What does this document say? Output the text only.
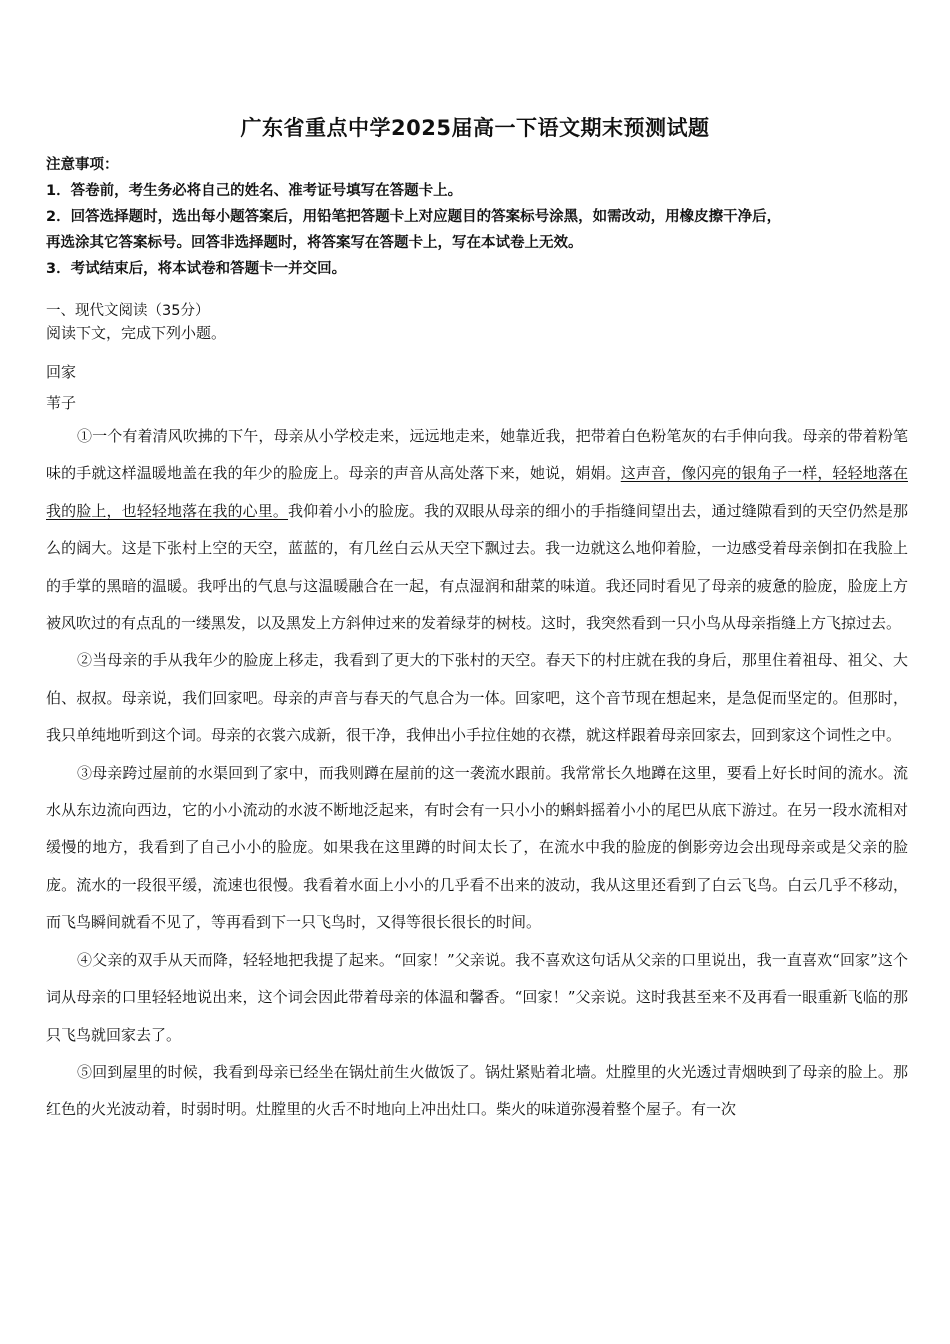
广东省重点中学2025届高一下语文期末预测试题
注意事项：
1．答卷前，考生务必将自己的姓名、准考证号填写在答题卡上。
2．回答选择题时，选出每小题答案后，用铅笔把答题卡上对应题目的答案标号涂黑，如需改动，用橡皮擦干净后，
再选涂其它答案标号。回答非选择题时，将答案写在答题卡上，写在本试卷上无效。
3．考试结束后，将本试卷和答题卡一并交回。
一、现代文阅读（35分）
阅读下文，完成下列小题。
回家
苇子

①一个有着清风吹拂的下午，母亲从小学校走来，远远地走来，她靠近我，把带着白色粉笔灰的右手伸向我。母亲的带着粉笔味的手就这样温暖地盖在我的年少的脸庞上。母亲的声音从高处落下来，她说，娟娟。这声音，像闪亮的银角子一样，轻轻地落在我的脸上，也轻轻地落在我的心里。我仰着小小的脸庞。我的双眼从母亲的细小的手指缝间望出去，通过缝隙看到的天空仍然是那么的阔大。这是下张村上空的天空，蓝蓝的，有几丝白云从天空下飘过去。我一边就这么地仰着脸，一边感受着母亲倒扣在我脸上的手掌的黑暗的温暖。我呼出的气息与这温暖融合在一起，有点湿润和甜菜的味道。我还同时看见了母亲的疲惫的脸庞，脸庞上方被风吹过的有点乱的一缕黑发，以及黑发上方斜伸过来的发着绿芽的树枝。这时，我突然看到一只小鸟从母亲指缝上方飞掠过去。

②当母亲的手从我年少的脸庞上移走，我看到了更大的下张村的天空。春天下的村庄就在我的身后，那里住着祖母、祖父、大伯、叔叔。母亲说，我们回家吧。母亲的声音与春天的气息合为一体。回家吧，这个音节现在想起来，是急促而坚定的。但那时，我只单纯地听到这个词。母亲的衣裳六成新，很干净，我伸出小手拉住她的衣襟，就这样跟着母亲回家去，回到家这个词性之中。

③母亲跨过屋前的水渠回到了家中，而我则蹲在屋前的这一袭流水跟前。我常常长久地蹲在这里，要看上好长时间的流水。流水从东边流向西边，它的小小流动的水波不断地泛起来，有时会有一只小小的蝌蚪摇着小小的尾巴从底下游过。在另一段水流相对缓慢的地方，我看到了自己小小的脸庞。如果我在这里蹲的时间太长了，在流水中我的脸庞的倒影旁边会出现母亲或是父亲的脸庞。流水的一段很平缓，流速也很慢。我看着水面上小小的几乎看不出来的波动，我从这里还看到了白云飞鸟。白云几乎不移动，而飞鸟瞬间就看不见了，等再看到下一只飞鸟时，又得等很长很长的时间。

④父亲的双手从天而降，轻轻地把我提了起来。“回家！”父亲说。我不喜欢这句话从父亲的口里说出，我一直喜欢“回家”这个词从母亲的口里轻轻地说出来，这个词会因此带着母亲的体温和馨香。“回家！”父亲说。这时我甚至来不及再看一眼重新飞临的那只飞鸟就回家去了。

⑤回到屋里的时候，我看到母亲已经坐在锅灶前生火做饭了。锅灶紧贴着北墙。灶膛里的火光透过青烟映到了母亲的脸上。那红色的火光波动着，时弱时明。灶膛里的火舌不时地向上冲出灶口。柴火的味道弥漫着整个屋子。有一次
